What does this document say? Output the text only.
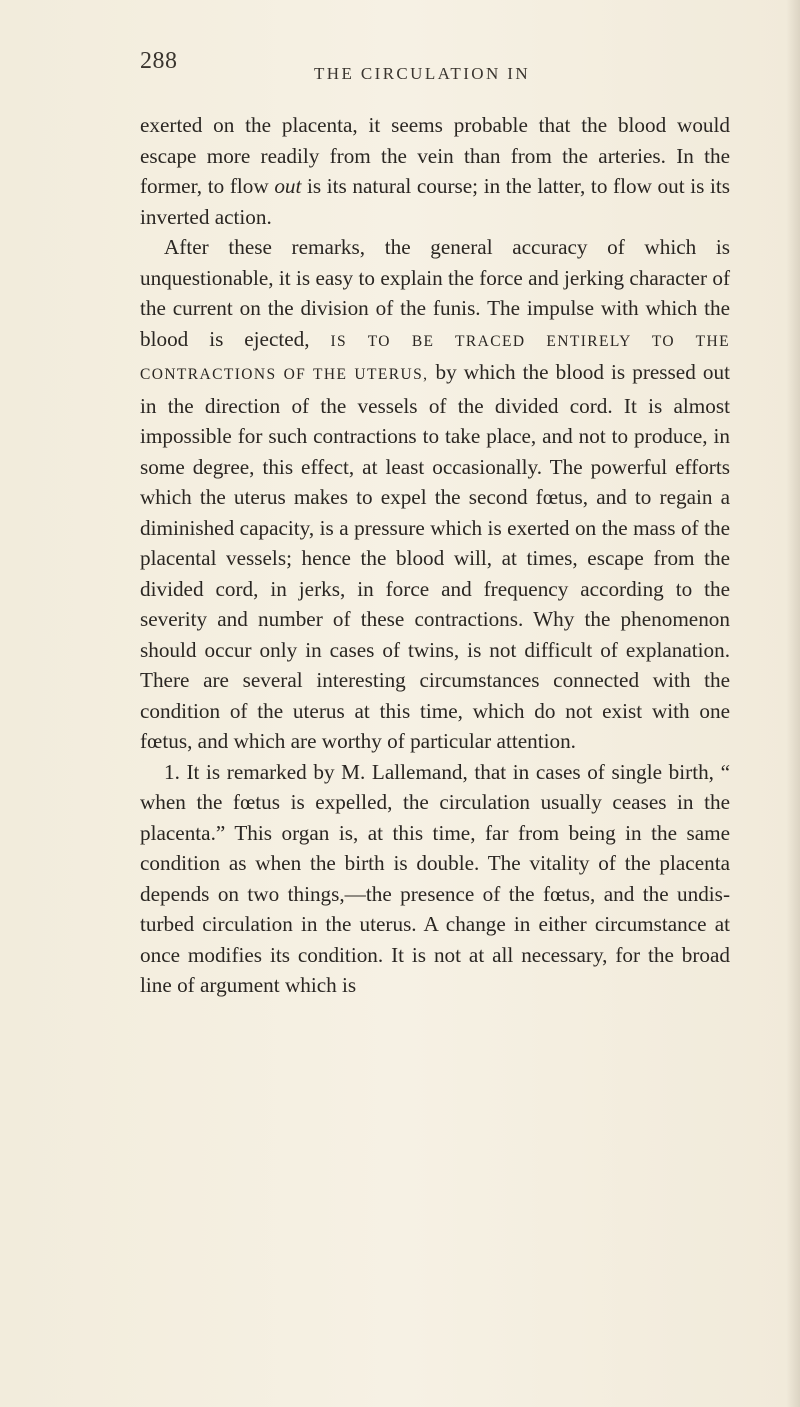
288	THE CIRCULATION IN

exerted on the placenta, it seems probable that the blood would escape more readily from the vein than from the arteries. In the former, to flow out is its natural course; in the latter, to flow out is its inverted action.

After these remarks, the general accuracy of which is unquestionable, it is easy to explain the force and jerking character of the current on the division of the funis. The impulse with which the blood is ejected, IS TO BE TRACED ENTIRELY TO THE CONTRACTIONS OF THE UTERUS, by which the blood is pressed out in the direction of the vessels of the divided cord. It is almost impossible for such contractions to take place, and not to produce, in some degree, this effect, at least occasionally. The powerful efforts which the uterus makes to expel the second fœtus, and to regain a diminished capacity, is a pressure which is exerted on the mass of the placental vessels; hence the blood will, at times, escape from the divided cord, in jerks, in force and frequency according to the severity and number of these contractions. Why the phenomenon should occur only in cases of twins, is not difficult of explanation. There are several interesting circumstances connected with the condition of the uterus at this time, which do not exist with one fœtus, and which are worthy of particular attention.

1. It is remarked by M. Lallemand, that in cases of single birth, “ when the fœtus is expelled, the circulation usually ceases in the placenta.” This organ is, at this time, far from being in the same condition as when the birth is double. The vitality of the placenta depends on two things,—the presence of the fœtus, and the undisturbed circulation in the uterus. A change in either circumstance at once modifies its condition. It is not at all necessary, for the broad line of argument which is
